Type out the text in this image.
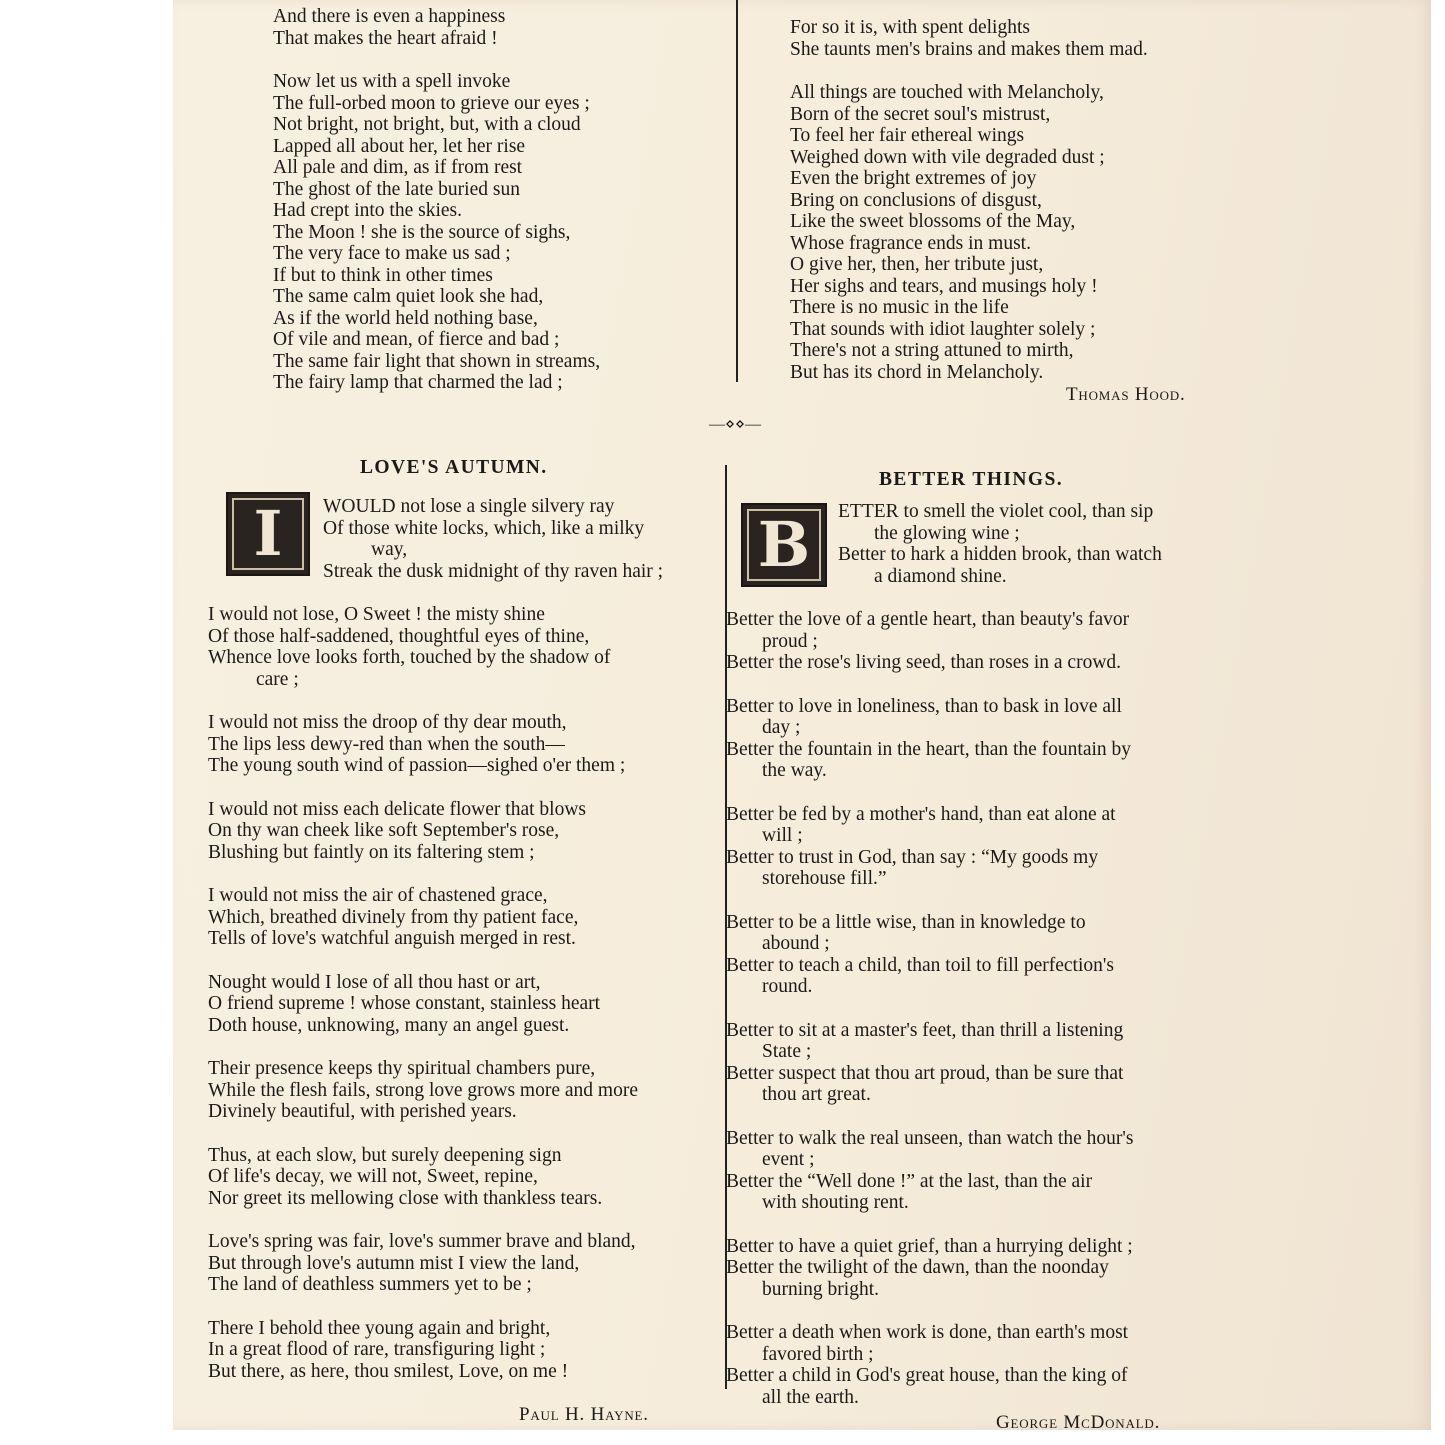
And there is even a happiness
That makes the heart afraid !
Now let us with a spell invoke
The full-orbed moon to grieve our eyes ;
Not bright, not bright, but, with a cloud
Lapped all about her, let her rise
All pale and dim, as if from rest
The ghost of the late buried sun
Had crept into the skies.
The Moon ! she is the source of sighs,
The very face to make us sad ;
If but to think in other times
The same calm quiet look she had,
As if the world held nothing base,
Of vile and mean, of fierce and bad ;
The same fair light that shown in streams,
The fairy lamp that charmed the lad ;
For so it is, with spent delights
She taunts men's brains and makes them mad.
All things are touched with Melancholy,
Born of the secret soul's mistrust,
To feel her fair ethereal wings
Weighed down with vile degraded dust ;
Even the bright extremes of joy
Bring on conclusions of disgust,
Like the sweet blossoms of the May,
Whose fragrance ends in must.
O give her, then, her tribute just,
Her sighs and tears, and musings holy !
There is no music in the life
That sounds with idiot laughter solely ;
There's not a string attuned to mirth,
But has its chord in Melancholy.
Thomas Hood.
—⋄⋄—
LOVE'S AUTUMN.
I	WOULD not lose a single silvery ray
Of those white locks, which, like a milky
way,
Streak the dusk midnight of thy raven hair ;
I would not lose, O Sweet ! the misty shine
Of those half-saddened, thoughtful eyes of thine,
Whence love looks forth, touched by the shadow of
care ;
I would not miss the droop of thy dear mouth,
The lips less dewy-red than when the south—
The young south wind of passion—sighed o'er them ;
I would not miss each delicate flower that blows
On thy wan cheek like soft September's rose,
Blushing but faintly on its faltering stem ;
I would not miss the air of chastened grace,
Which, breathed divinely from thy patient face,
Tells of love's watchful anguish merged in rest.
Nought would I lose of all thou hast or art,
O friend supreme ! whose constant, stainless heart
Doth house, unknowing, many an angel guest.
Their presence keeps thy spiritual chambers pure,
While the flesh fails, strong love grows more and more
Divinely beautiful, with perished years.
Thus, at each slow, but surely deepening sign
Of life's decay, we will not, Sweet, repine,
Nor greet its mellowing close with thankless tears.
Love's spring was fair, love's summer brave and bland,
But through love's autumn mist I view the land,
The land of deathless summers yet to be ;
There I behold thee young again and bright,
In a great flood of rare, transfiguring light ;
But there, as here, thou smilest, Love, on me !
Paul H. Hayne.
BETTER THINGS.
B	ETTER to smell the violet cool, than sip
the glowing wine ;
Better to hark a hidden brook, than watch
a diamond shine.
Better the love of a gentle heart, than beauty's favor
proud ;
Better the rose's living seed, than roses in a crowd.
Better to love in loneliness, than to bask in love all
day ;
Better the fountain in the heart, than the fountain by
the way.
Better be fed by a mother's hand, than eat alone at
will ;
Better to trust in God, than say : “My goods my
storehouse fill.”
Better to be a little wise, than in knowledge to
abound ;
Better to teach a child, than toil to fill perfection's
round.
Better to sit at a master's feet, than thrill a listening
State ;
Better suspect that thou art proud, than be sure that
thou art great.
Better to walk the real unseen, than watch the hour's
event ;
Better the “Well done !” at the last, than the air
with shouting rent.
Better to have a quiet grief, than a hurrying delight ;
Better the twilight of the dawn, than the noonday
burning bright.
Better a death when work is done, than earth's most
favored birth ;
Better a child in God's great house, than the king of
all the earth.
George McDonald.
